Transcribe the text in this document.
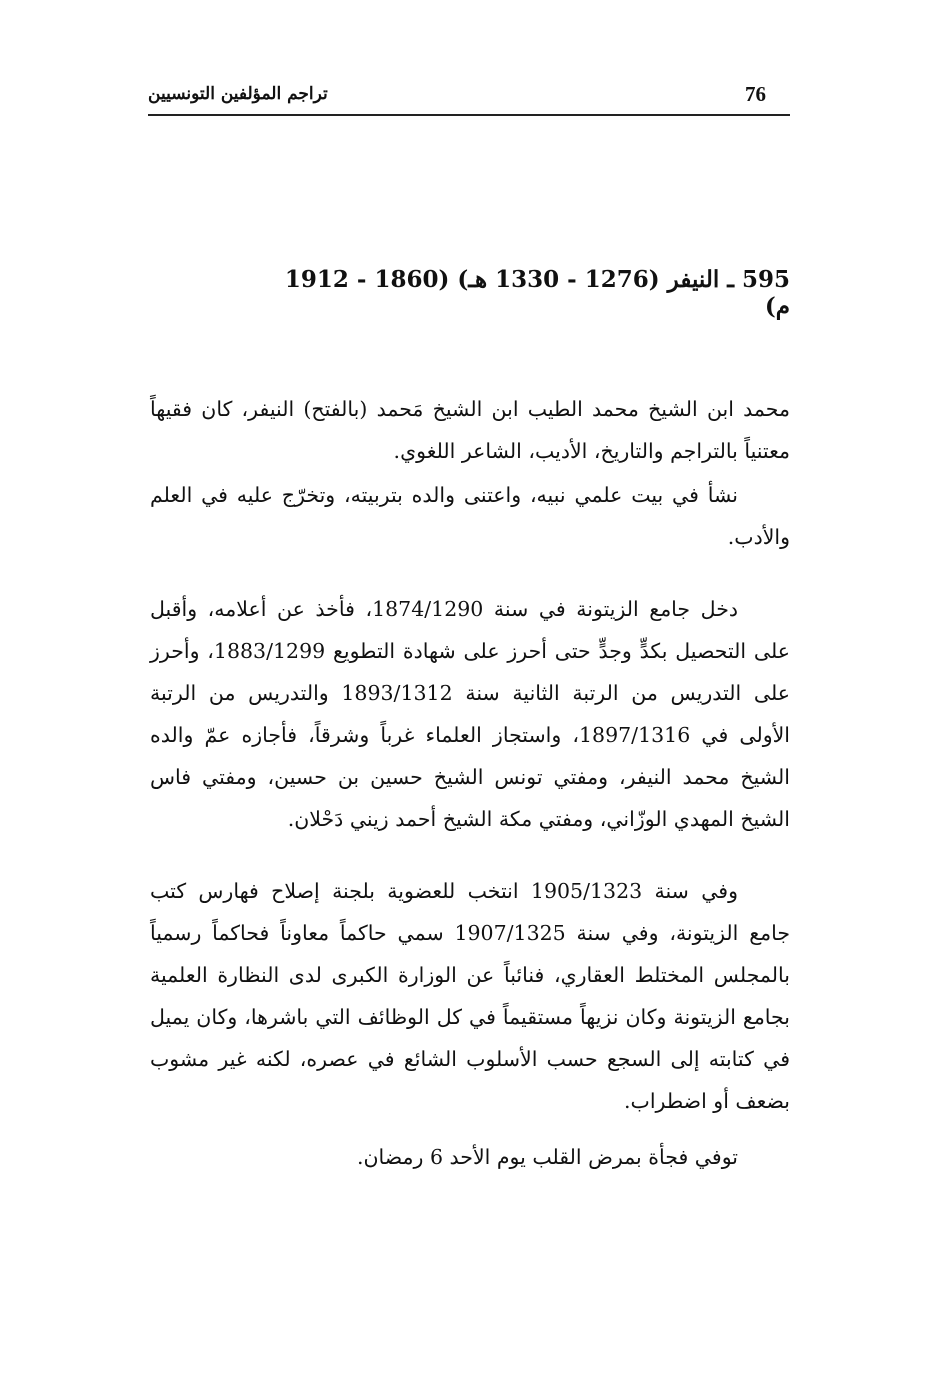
76
تراجم المؤلفين التونسيين
595 ـ النيفر (1276 - 1330 هـ) (1860 - 1912 م)

محمد ابن الشيخ محمد الطيب ابن الشيخ مَحمد (بالفتح) النيفر، كان فقيهاً معتنياً بالتراجم والتاريخ، الأديب، الشاعر اللغوي.

نشأ في بيت علمي نبيه، واعتنى والده بتربيته، وتخرّج عليه في العلم والأدب.

دخل جامع الزيتونة في سنة 1874/1290، فأخذ عن أعلامه، وأقبل على التحصيل بكدٍّ وجدٍّ حتى أحرز على شهادة التطويع 1883/1299، وأحرز على التدريس من الرتبة الثانية سنة 1893/1312 والتدريس من الرتبة الأولى في 1897/1316، واستجاز العلماء غرباً وشرقاً، فأجازه عمّ والده الشيخ محمد النيفر، ومفتي تونس الشيخ حسين بن حسين، ومفتي فاس الشيخ المهدي الوزّاني، ومفتي مكة الشيخ أحمد زيني دَحْلان.

وفي سنة 1905/1323 انتخب للعضوية بلجنة إصلاح فهارس كتب جامع الزيتونة، وفي سنة 1907/1325 سمي حاكماً معاوناً فحاكماً رسمياً بالمجلس المختلط العقاري، فنائباً عن الوزارة الكبرى لدى النظارة العلمية بجامع الزيتونة وكان نزيهاً مستقيماً في كل الوظائف التي باشرها، وكان يميل في كتابته إلى السجع حسب الأسلوب الشائع في عصره، لكنه غير مشوب بضعف أو اضطراب.

توفي فجأة بمرض القلب يوم الأحد 6 رمضان.
